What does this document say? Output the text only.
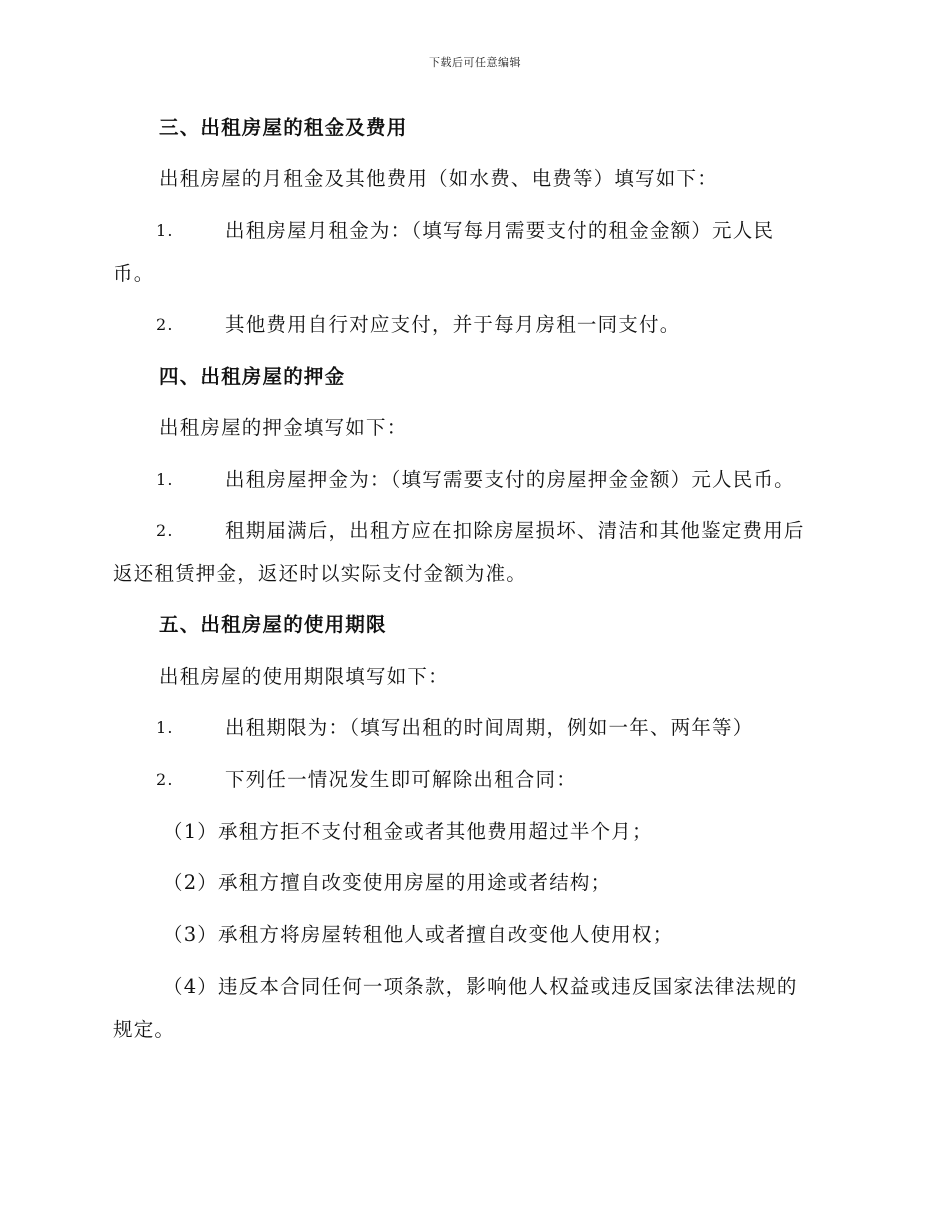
下载后可任意编辑
三、出租房屋的租金及费用
出租房屋的月租金及其他费用（如水费、电费等）填写如下：
1.	出租房屋月租金为：（填写每月需要支付的租金金额）元人民
币。
2.	其他费用自行对应支付，并于每月房租一同支付。
四、出租房屋的押金
出租房屋的押金填写如下：
1.	出租房屋押金为：（填写需要支付的房屋押金金额）元人民币。
2.	租期届满后，出租方应在扣除房屋损坏、清洁和其他鉴定费用后
返还租赁押金，返还时以实际支付金额为准。
五、出租房屋的使用期限
出租房屋的使用期限填写如下：
1.	出租期限为：（填写出租的时间周期，例如一年、两年等）
2.	下列任一情况发生即可解除出租合同：
（1）承租方拒不支付租金或者其他费用超过半个月；
（2）承租方擅自改变使用房屋的用途或者结构；
（3）承租方将房屋转租他人或者擅自改变他人使用权；
（4）违反本合同任何一项条款，影响他人权益或违反国家法律法规的
规定。
